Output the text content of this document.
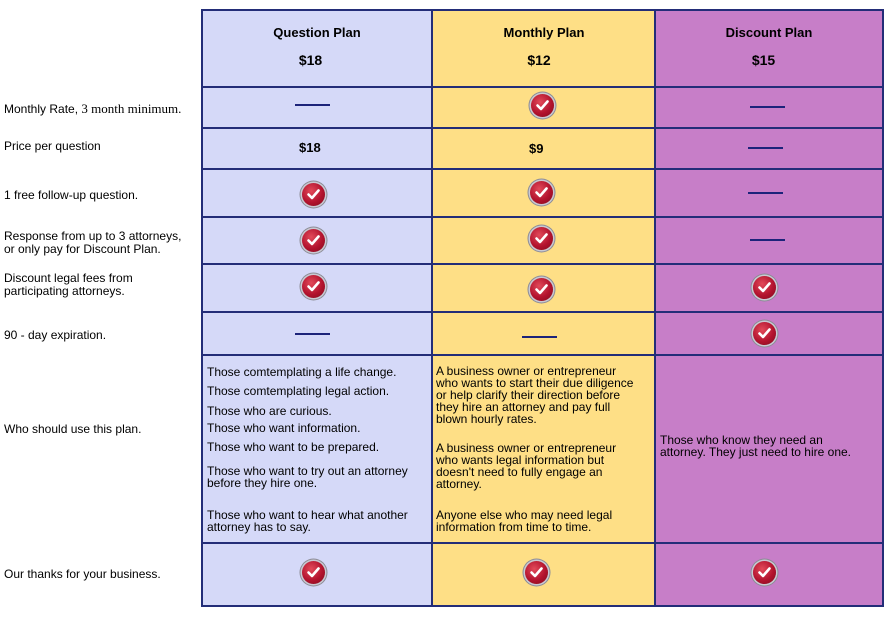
Question Plan
$18
Monthly Plan
$12
Discount Plan
$15
Monthly Rate, 3 month minimum.
Price per question
1 free follow-up question.
Response from up to 3 attorneys,
or only pay for Discount Plan.
Discount legal fees from
participating attorneys.
90 - day expiration.
Who should use this plan.
Our thanks for your business.
$18	$9
Those comtemplating a life change.
Those comtemplating legal action.
Those who are curious.
Those who want information.
Those who want to be prepared.
Those who want to try out an attorney
before they hire one.
Those who want to hear what another
attorney has to say.
A business owner or entrepreneur
who wants to start their due diligence
or help clarify their direction before
they hire an attorney and pay full
blown hourly rates.
A business owner or entrepreneur
who wants legal information but
doesn't need to fully engage an
attorney.
Anyone else who may need legal
information from time to time.
Those who know they need an
attorney. They just need to hire one.
